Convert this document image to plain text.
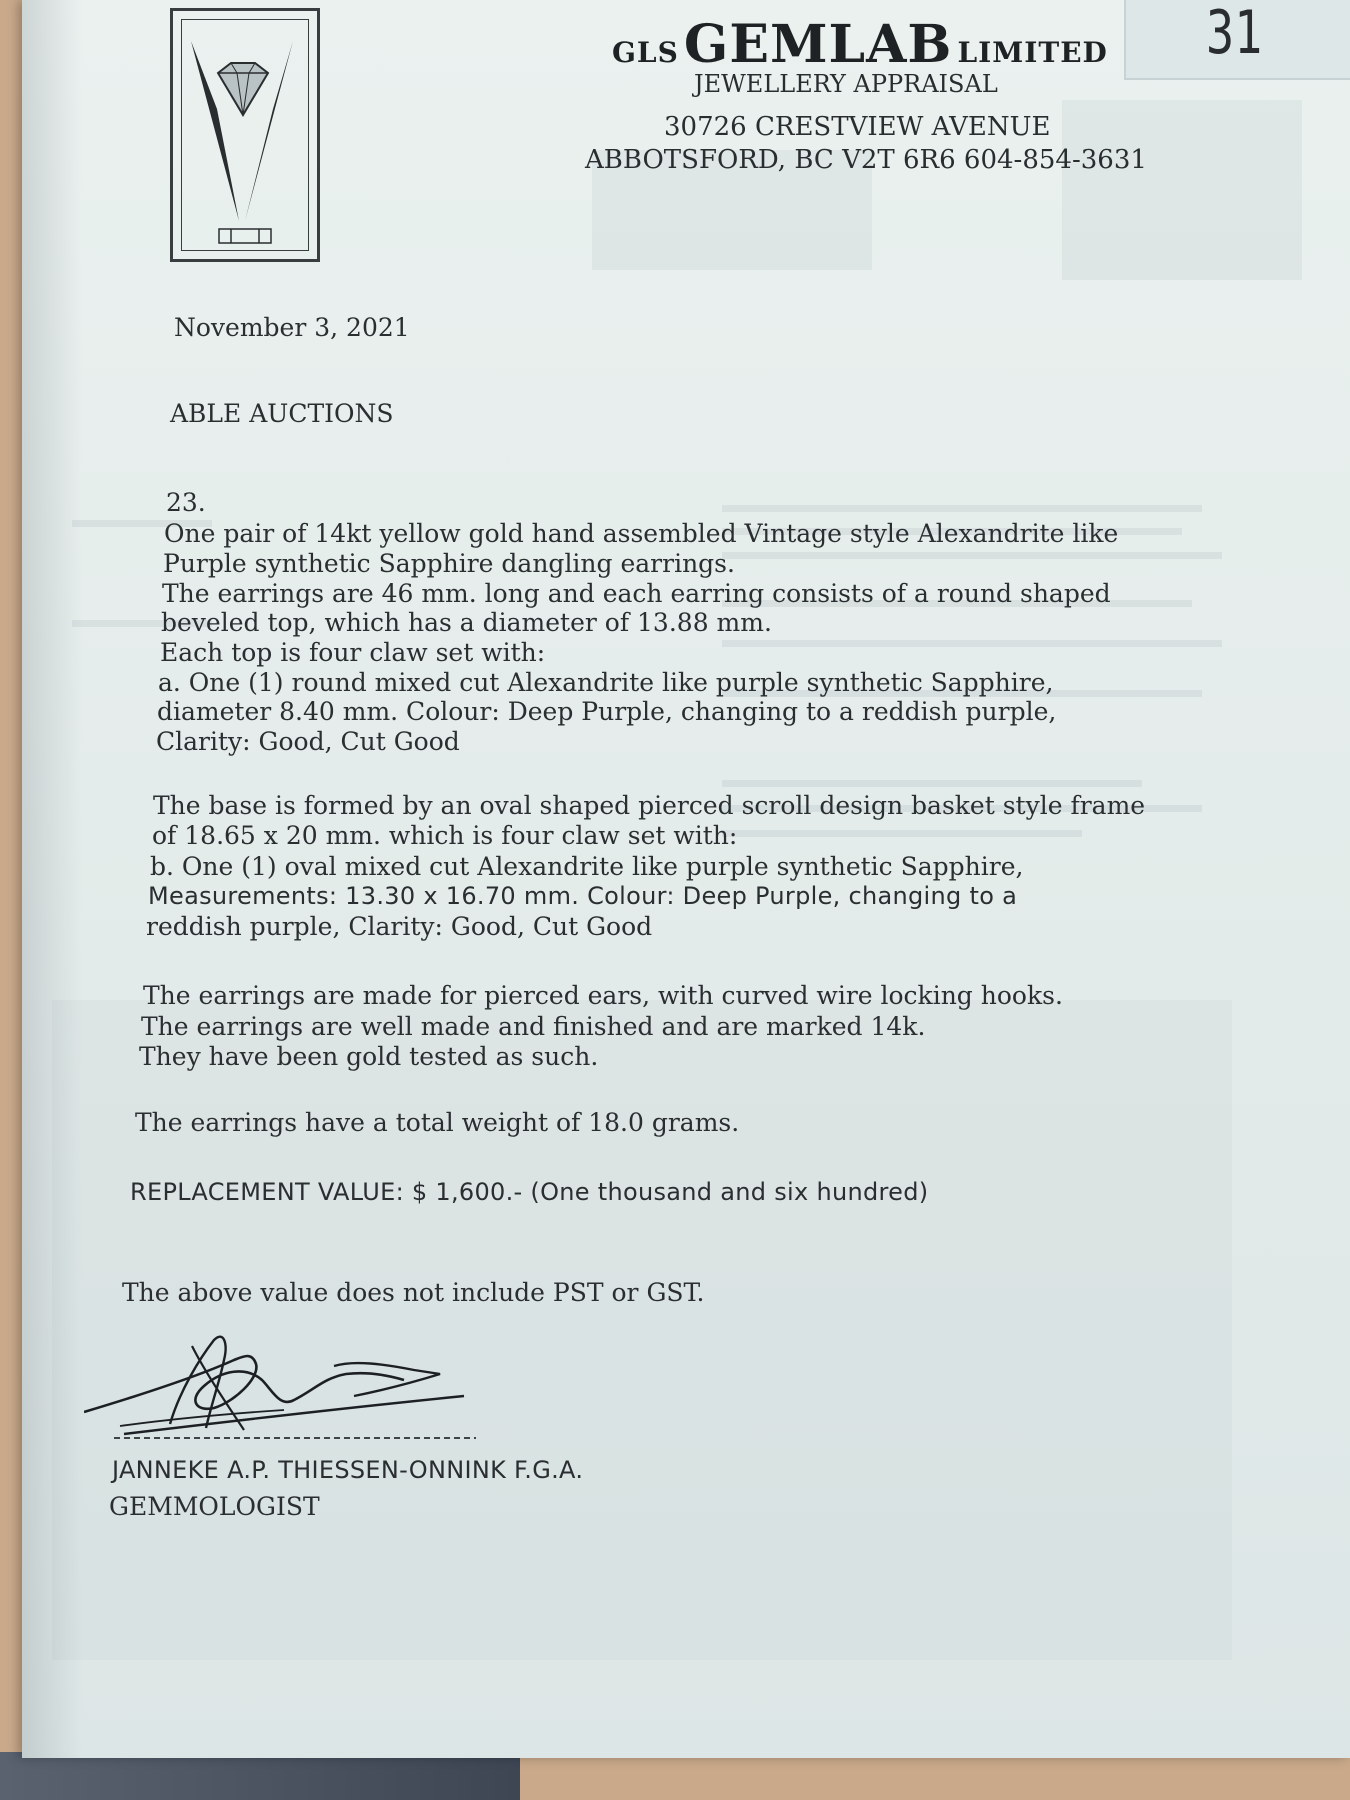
GLS GEMLAB LIMITED
JEWELLERY APPRAISAL
30726 CRESTVIEW AVENUE
ABBOTSFORD, BC V2T 6R6 604-854-3631
31
November 3, 2021
ABLE AUCTIONS
23.
One pair of 14kt yellow gold hand assembled Vintage style Alexandrite like
Purple synthetic Sapphire dangling earrings.
The earrings are 46 mm. long and each earring consists of a round shaped
beveled top, which has a diameter of 13.88 mm.
Each top is four claw set with:
a. One (1) round mixed cut Alexandrite like purple synthetic Sapphire,
diameter 8.40 mm. Colour: Deep Purple, changing to a reddish purple,
Clarity: Good, Cut Good
The base is formed by an oval shaped pierced scroll design basket style frame
of 18.65 x 20 mm. which is four claw set with:
b. One (1) oval mixed cut Alexandrite like purple synthetic Sapphire,
Measurements: 13.30 x 16.70 mm. Colour: Deep Purple, changing to a
reddish purple, Clarity: Good, Cut Good
The earrings are made for pierced ears, with curved wire locking hooks.
The earrings are well made and finished and are marked 14k.
They have been gold tested as such.
The earrings have a total weight of 18.0 grams.
REPLACEMENT VALUE: $ 1,600.- (One thousand and six hundred)
The above value does not include PST or GST.
JANNEKE A.P. THIESSEN-ONNINK F.G.A.
GEMMOLOGIST
